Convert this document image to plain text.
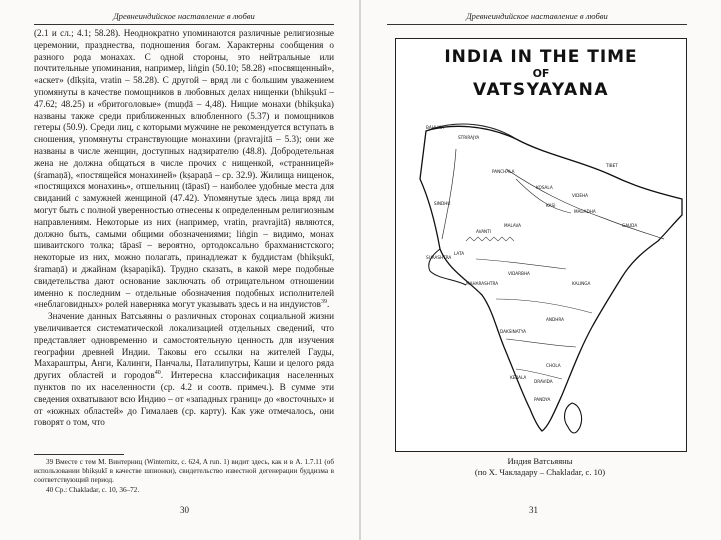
Древнеиндийское наставление в любви

(2.1 и сл.; 4.1; 58.28). Неоднократно упоминаются различные религиозные церемонии, празднества, подношения богам. Характерны сообщения о разного рода монахах. С одной стороны, это нейтральные или почтительные упоминания, например, liṅgin (50.10; 58.28) «посвященный», «аскет» (dīkṣita, vratin – 58.28). С другой – вряд ли с большим уважением упомянуты в качестве помощников в любовных делах нищенки (bhikṣukī – 47.62; 48.25) и «бритоголовые» (muṇḍā – 4,48). Нищие монахи (bhikṣuka) названы также среди приближенных влюбленного (5.37) и помощников гетеры (50.9). Среди лиц, с которыми мужчине не рекомендуется вступать в сношения, упомянуты странствующие монахини (pravrajitā – 5.3); они же названы в числе женщин, доступных надзирателю (48.8). Добродетельная жена не должна общаться в числе прочих с нищенкой, «странницей» (śramaṇā), «постящейся монахиней» (kṣapaṇā – ср. 32.9). Жилища нищенок, «постящихся монахинь», отшельниц (tāpasī) – наиболее удобные места для свиданий с замужней женщиной (47.42). Упомянутые здесь лица вряд ли могут быть с полной уверенностью отнесены к определенным религиозным направлениям. Некоторые из них (например, vratin, pravrajitā) являются, должно быть, самыми общими обозначениями; liṅgin – видимо, монах шиваитского толка; tāpasī – вероятно, ортодоксально брахманистского; некоторые из них, можно полагать, принадлежат к буддистам (bhikṣukī, śramaṇā) и джайнам (kṣapaṇikā). Трудно сказать, в какой мере подобные свидетельства дают основание заключать об отрицательном отношении именно к последним – отдельные обозначения подобных исполнителей «неблаговидных» ролей наверняка могут указывать здесь и на индуистов$^{39}$.

Значение данных Ватсьяяны о различных сторонах социальной жизни увеличивается систематической локализацией отдельных сведений, что представляет одновременно и самостоятельную ценность для изучения географии древней Индии. Таковы его ссылки на жителей Гауды, Махараштры, Анги, Калинги, Панчалы, Паталипутры, Каши и целого ряда других областей и городов$^{40}$. Интересна классификация населенных пунктов по их населенности (ср. 4.2 и соотв. примеч.). В сумме эти сведения охватывают всю Индию – от «западных границ» до «восточных» и от «южных областей» до Гималаев (ср. карту). Как уже отмечалось, они говорят о том, что

39 Вместе с тем М. Винтерниц (Winternitz, c. 624, A run. 1) видит здесь, как и в А. 1.7.11 (об использовании bhikṣukī в качестве шпионки), свидетельство известной дегенерации буддизма в соответствующий период.

40 Ср.: Chakladar, c. 10, 36–72.

30
Древнеиндийское наставление в любви
INDIA IN THE TIME
OF
VATSYAYANA
BAHLIKA
STRIRAJYA
TIBET
SINDHU
PANCHALA
KOSALA
VIDEHA
MAGADHA
KASI
GAUDA
AVANTI
MALAVA
MAHARASHTRA
VIDARBHA
ANDHRA
KALINGA
DAKSINATYA
SURASHTRA
LATA
CHOLA
PANDYA
DRAVIDA
KERALA
Индия Ватсьяяны
(по Х. Чакладару – Chakladar, c. 10)
31
